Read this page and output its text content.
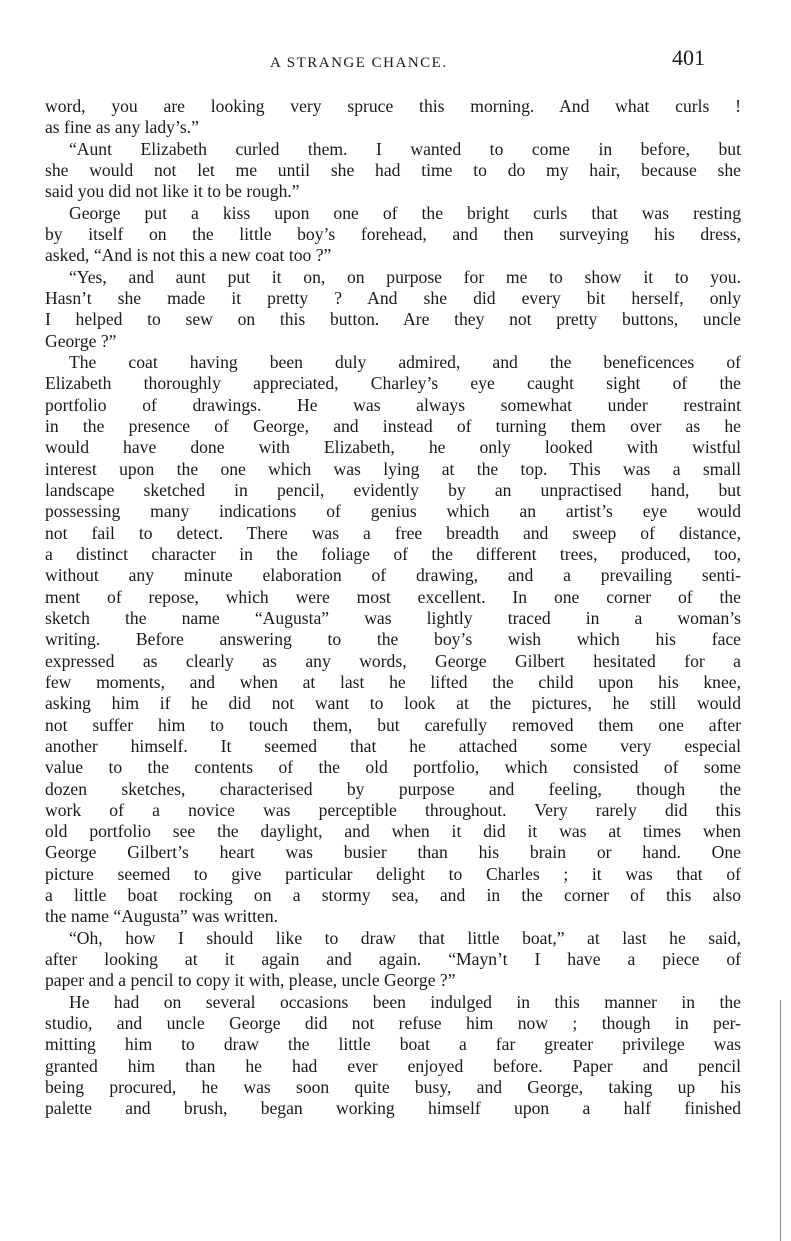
A STRANGE CHANCE.	401
word, you are looking very spruce this morning. And what curls !
as fine as any lady’s.”
“Aunt Elizabeth curled them. I wanted to come in before, but
she would not let me until she had time to do my hair, because she
said you did not like it to be rough.”
George put a kiss upon one of the bright curls that was resting
by itself on the little boy’s forehead, and then surveying his dress,
asked, “And is not this a new coat too ?”
“Yes, and aunt put it on, on purpose for me to show it to you.
Hasn’t she made it pretty ? And she did every bit herself, only
I helped to sew on this button. Are they not pretty buttons, uncle
George ?”
The coat having been duly admired, and the beneficences of
Elizabeth thoroughly appreciated, Charley’s eye caught sight of the
portfolio of drawings. He was always somewhat under restraint
in the presence of George, and instead of turning them over as he
would have done with Elizabeth, he only looked with wistful
interest upon the one which was lying at the top. This was a small
landscape sketched in pencil, evidently by an unpractised hand, but
possessing many indications of genius which an artist’s eye would
not fail to detect. There was a free breadth and sweep of distance,
a distinct character in the foliage of the different trees, produced, too,
without any minute elaboration of drawing, and a prevailing senti-
ment of repose, which were most excellent. In one corner of the
sketch the name “Augusta” was lightly traced in a woman’s
writing. Before answering to the boy’s wish which his face
expressed as clearly as any words, George Gilbert hesitated for a
few moments, and when at last he lifted the child upon his knee,
asking him if he did not want to look at the pictures, he still would
not suffer him to touch them, but carefully removed them one after
another himself. It seemed that he attached some very especial
value to the contents of the old portfolio, which consisted of some
dozen sketches, characterised by purpose and feeling, though the
work of a novice was perceptible throughout. Very rarely did this
old portfolio see the daylight, and when it did it was at times when
George Gilbert’s heart was busier than his brain or hand. One
picture seemed to give particular delight to Charles ; it was that of
a little boat rocking on a stormy sea, and in the corner of this also
the name “Augusta” was written.
“Oh, how I should like to draw that little boat,” at last he said,
after looking at it again and again. “Mayn’t I have a piece of
paper and a pencil to copy it with, please, uncle George ?”
He had on several occasions been indulged in this manner in the
studio, and uncle George did not refuse him now ; though in per-
mitting him to draw the little boat a far greater privilege was
granted him than he had ever enjoyed before. Paper and pencil
being procured, he was soon quite busy, and George, taking up his
palette and brush, began working himself upon a half finished
